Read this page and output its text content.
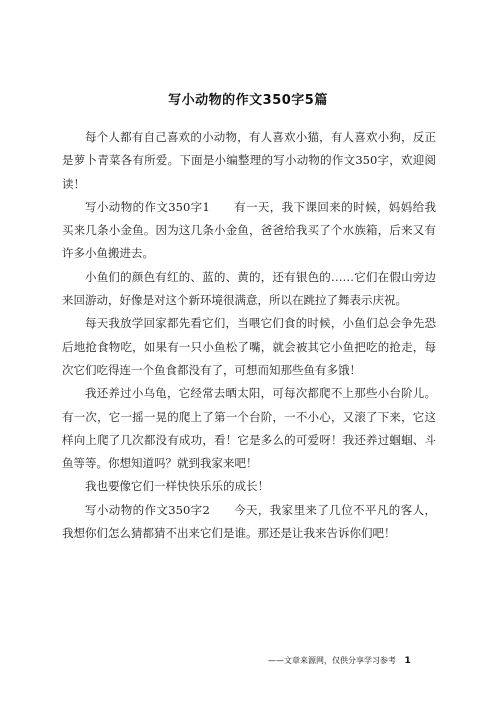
写小动物的作文350字5篇

每个人都有自己喜欢的小动物，有人喜欢小猫，有人喜欢小狗，反正是萝卜青菜各有所爱。下面是小编整理的写小动物的作文350字，欢迎阅读！

写小动物的作文350字1　　有一天，我下课回来的时候，妈妈给我买来几条小金鱼。因为这几条小金鱼，爸爸给我买了个水族箱，后来又有许多小鱼搬进去。

小鱼们的颜色有红的、蓝的、黄的，还有银色的……它们在假山旁边来回游动，好像是对这个新环境很满意，所以在跳拉了舞表示庆祝。

每天我放学回家都先看它们，当喂它们食的时候，小鱼们总会争先恐后地抢食物吃，如果有一只小鱼松了嘴，就会被其它小鱼把吃的抢走，每次它们吃得连一个鱼食都没有了，可想而知那些鱼有多饿！

我还养过小乌龟，它经常去晒太阳，可每次都爬不上那些小台阶儿。有一次，它一摇一晃的爬上了第一个台阶，一不小心，又滚了下来，它这样向上爬了几次都没有成功，看！它是多么的可爱呀！我还养过蝈蝈、斗鱼等等。你想知道吗？就到我家来吧！

我也要像它们一样快快乐乐的成长！

写小动物的作文350字2　　今天，我家里来了几位不平凡的客人，我想你们怎么猜都猜不出来它们是谁。那还是让我来告诉你们吧！

——文章来源网，仅供分享学习参考 1
